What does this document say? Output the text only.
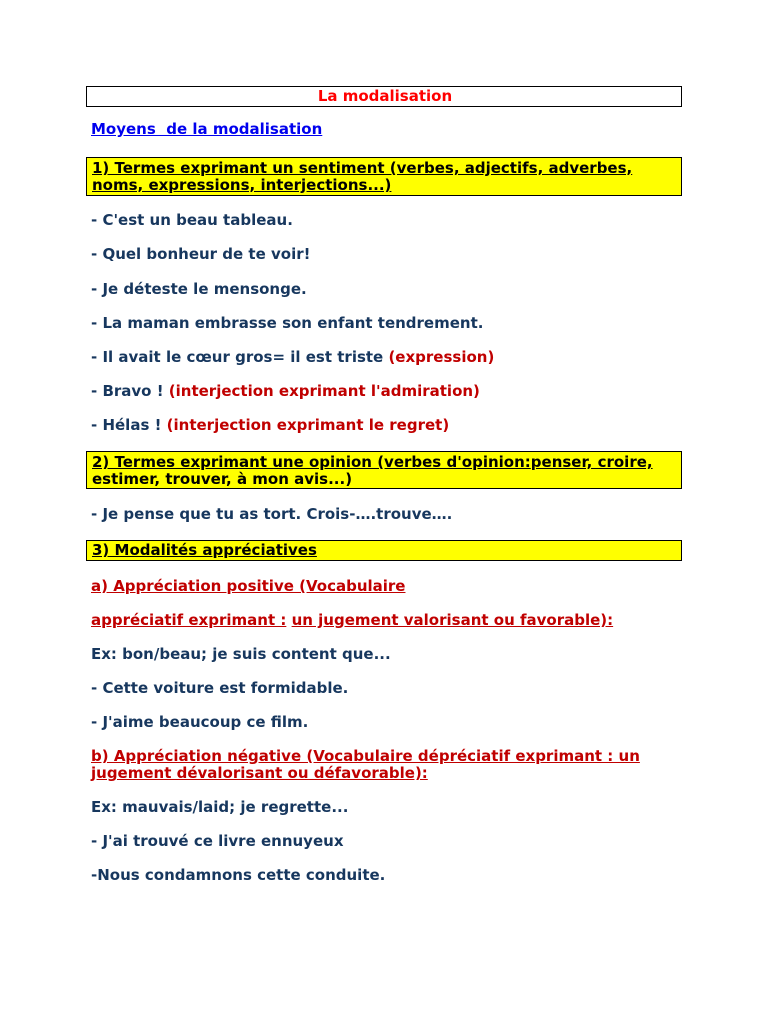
La modalisation

Moyens  de la modalisation

1) Termes exprimant un sentiment (verbes, adjectifs, adverbes,

noms, expressions, interjections...)

- C'est un beau tableau.

- Quel bonheur de te voir!

- Je déteste le mensonge.

- La maman embrasse son enfant tendrement.

- Il avait le cœur gros= il est triste (expression)

- Bravo ! (interjection exprimant l'admiration)

- Hélas ! (interjection exprimant le regret)

2) Termes exprimant une opinion (verbes d'opinion:penser, croire,

estimer, trouver, à mon avis...)

- Je pense que tu as tort. Crois-….trouve….

3) Modalités appréciatives

a) Appréciation positive (Vocabulaire

appréciatif exprimant : un jugement valorisant ou favorable):

Ex: bon/beau; je suis content que...

- Cette voiture est formidable.

- J'aime beaucoup ce film.

b) Appréciation négative (Vocabulaire dépréciatif exprimant : un

jugement dévalorisant ou défavorable):

Ex: mauvais/laid; je regrette...

- J'ai trouvé ce livre ennuyeux

-Nous condamnons cette conduite.
